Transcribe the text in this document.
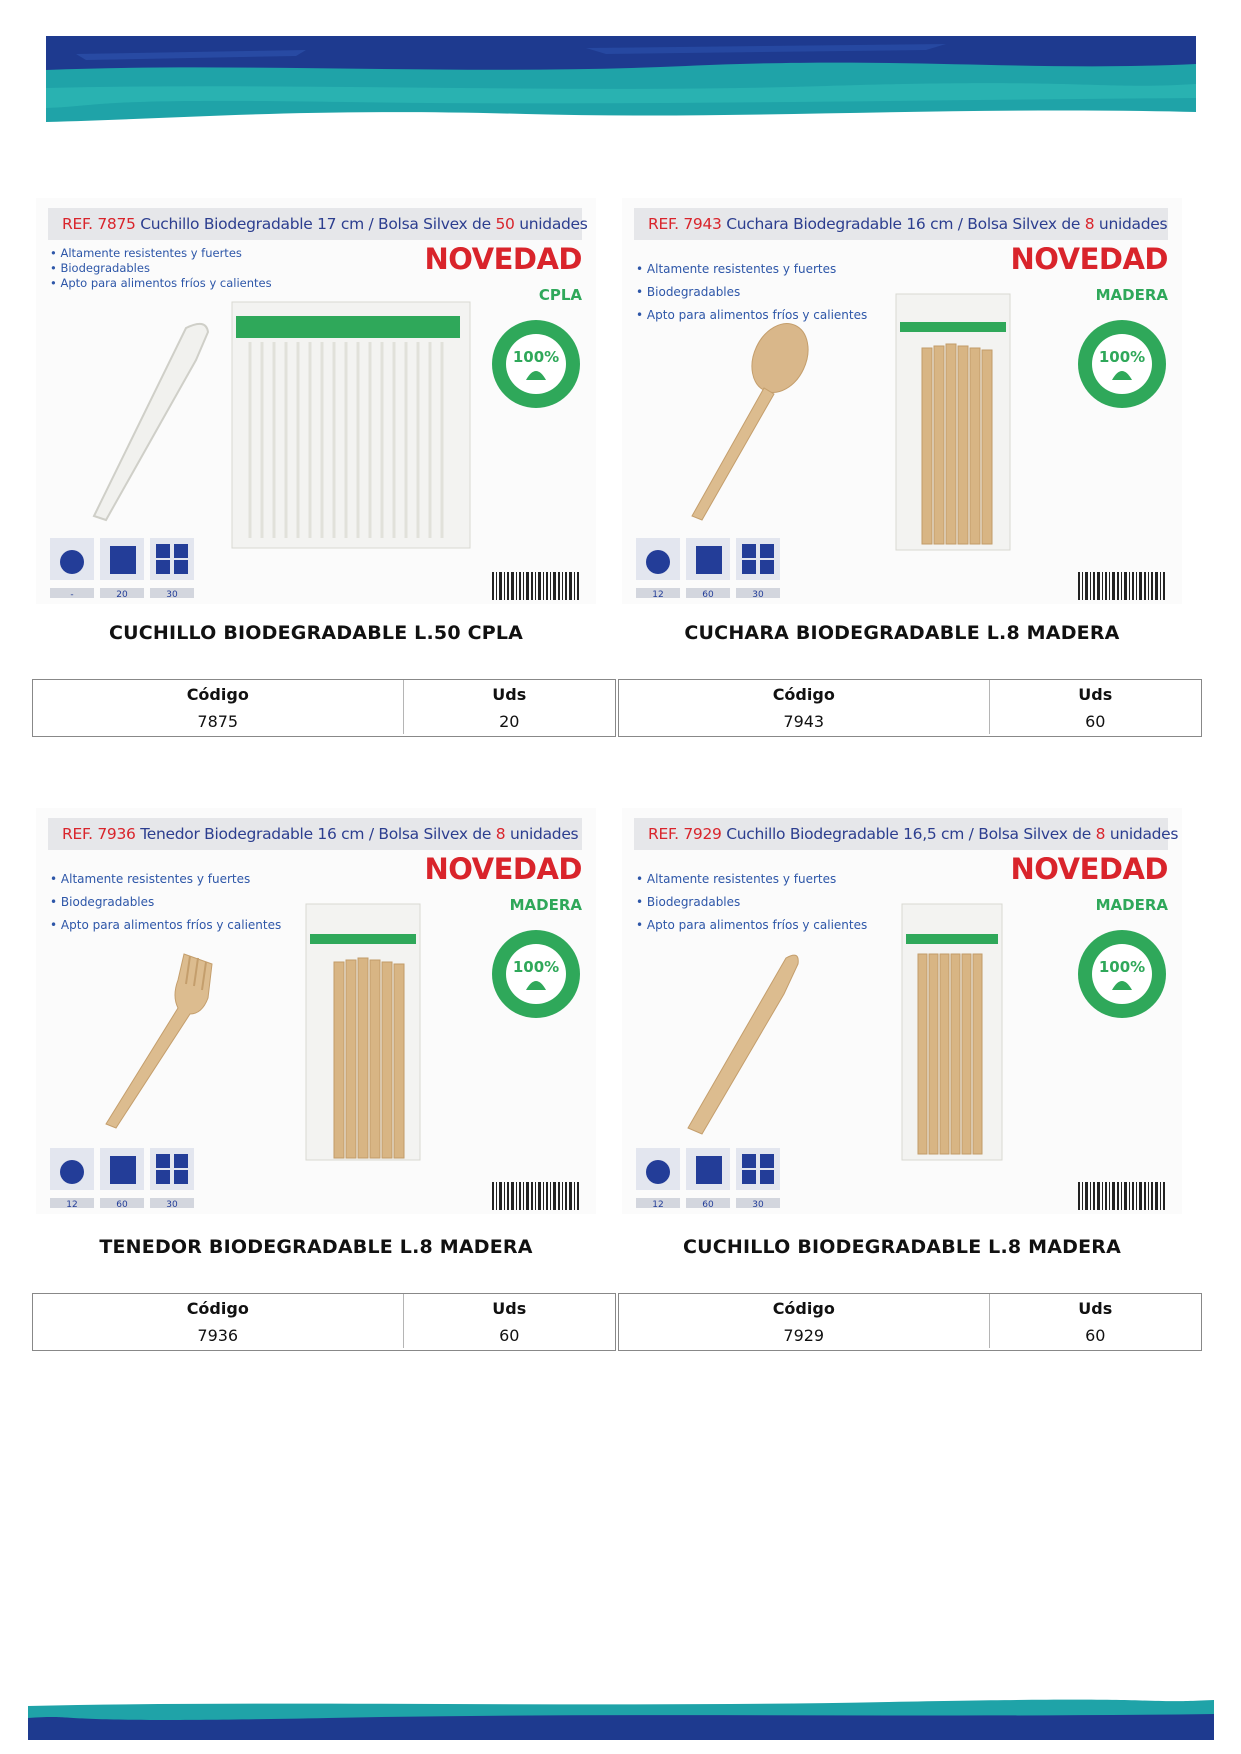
REF. 7875 Cuchillo Biodegradable 17 cm / Bolsa Silvex de 50 unidades
• Altamente resistentes y fuertes
• Biodegradables
• Apto para alimentos fríos y calientes
NOVEDAD
CPLA
100%
-	20	30
CUCHILLO BIODEGRADABLE L.50 CPLA
Código	Uds
7875	20
REF. 7943 Cuchara Biodegradable 16 cm / Bolsa Silvex de 8 unidades
• Altamente resistentes y fuertes
• Biodegradables
• Apto para alimentos fríos y calientes
NOVEDAD
MADERA
100%
12	60	30
CUCHARA BIODEGRADABLE L.8 MADERA
Código	Uds
7943	60
REF. 7936 Tenedor Biodegradable 16 cm / Bolsa Silvex de 8 unidades
• Altamente resistentes y fuertes
• Biodegradables
• Apto para alimentos fríos y calientes
NOVEDAD
MADERA
100%
12	60	30
TENEDOR BIODEGRADABLE L.8 MADERA
Código	Uds
7936	60
REF. 7929 Cuchillo Biodegradable 16,5 cm / Bolsa Silvex de 8 unidades
• Altamente resistentes y fuertes
• Biodegradables
• Apto para alimentos fríos y calientes
NOVEDAD
MADERA
100%
12	60	30
CUCHILLO BIODEGRADABLE L.8 MADERA
Código	Uds
7929	60
